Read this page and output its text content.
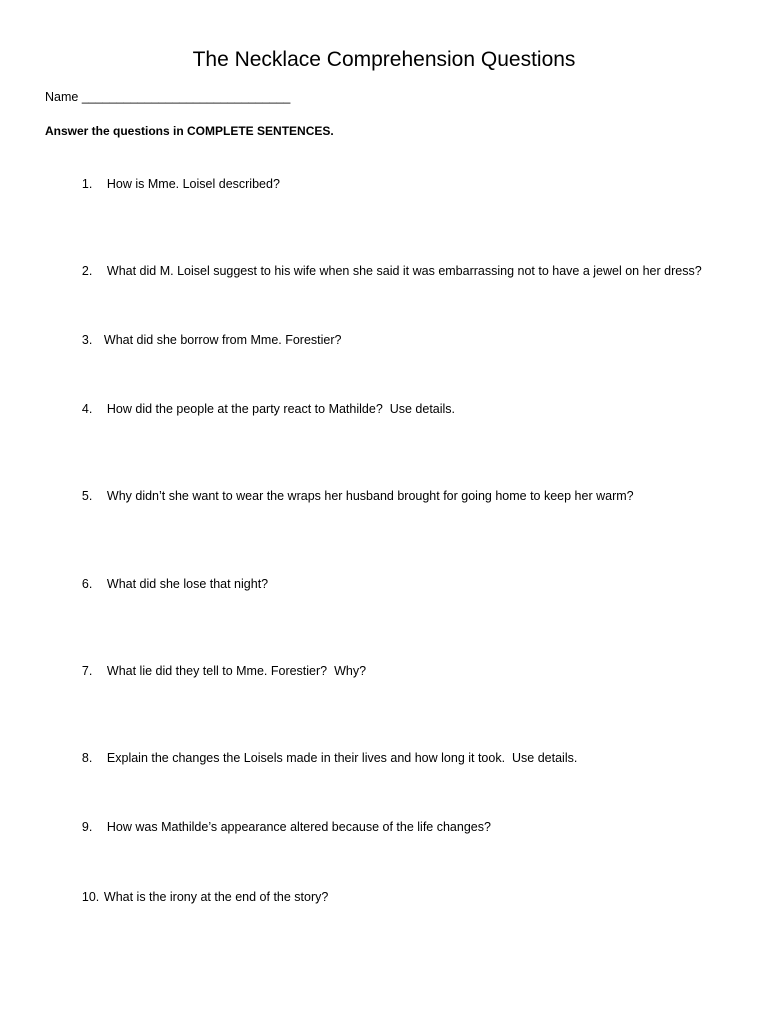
The Necklace Comprehension Questions
Name ______________________________
Answer the questions in COMPLETE SENTENCES.

1. How is Mme. Loisel described?

2. What did M. Loisel suggest to his wife when she said it was embarrassing not to have a jewel on her dress?

3. What did she borrow from Mme. Forestier?

4. How did the people at the party react to Mathilde?  Use details.

5. Why didn’t she want to wear the wraps her husband brought for going home to keep her warm?

6. What did she lose that night?

7. What lie did they tell to Mme. Forestier?  Why?

8. Explain the changes the Loisels made in their lives and how long it took.  Use details.

9. How was Mathilde’s appearance altered because of the life changes?

10. What is the irony at the end of the story?
